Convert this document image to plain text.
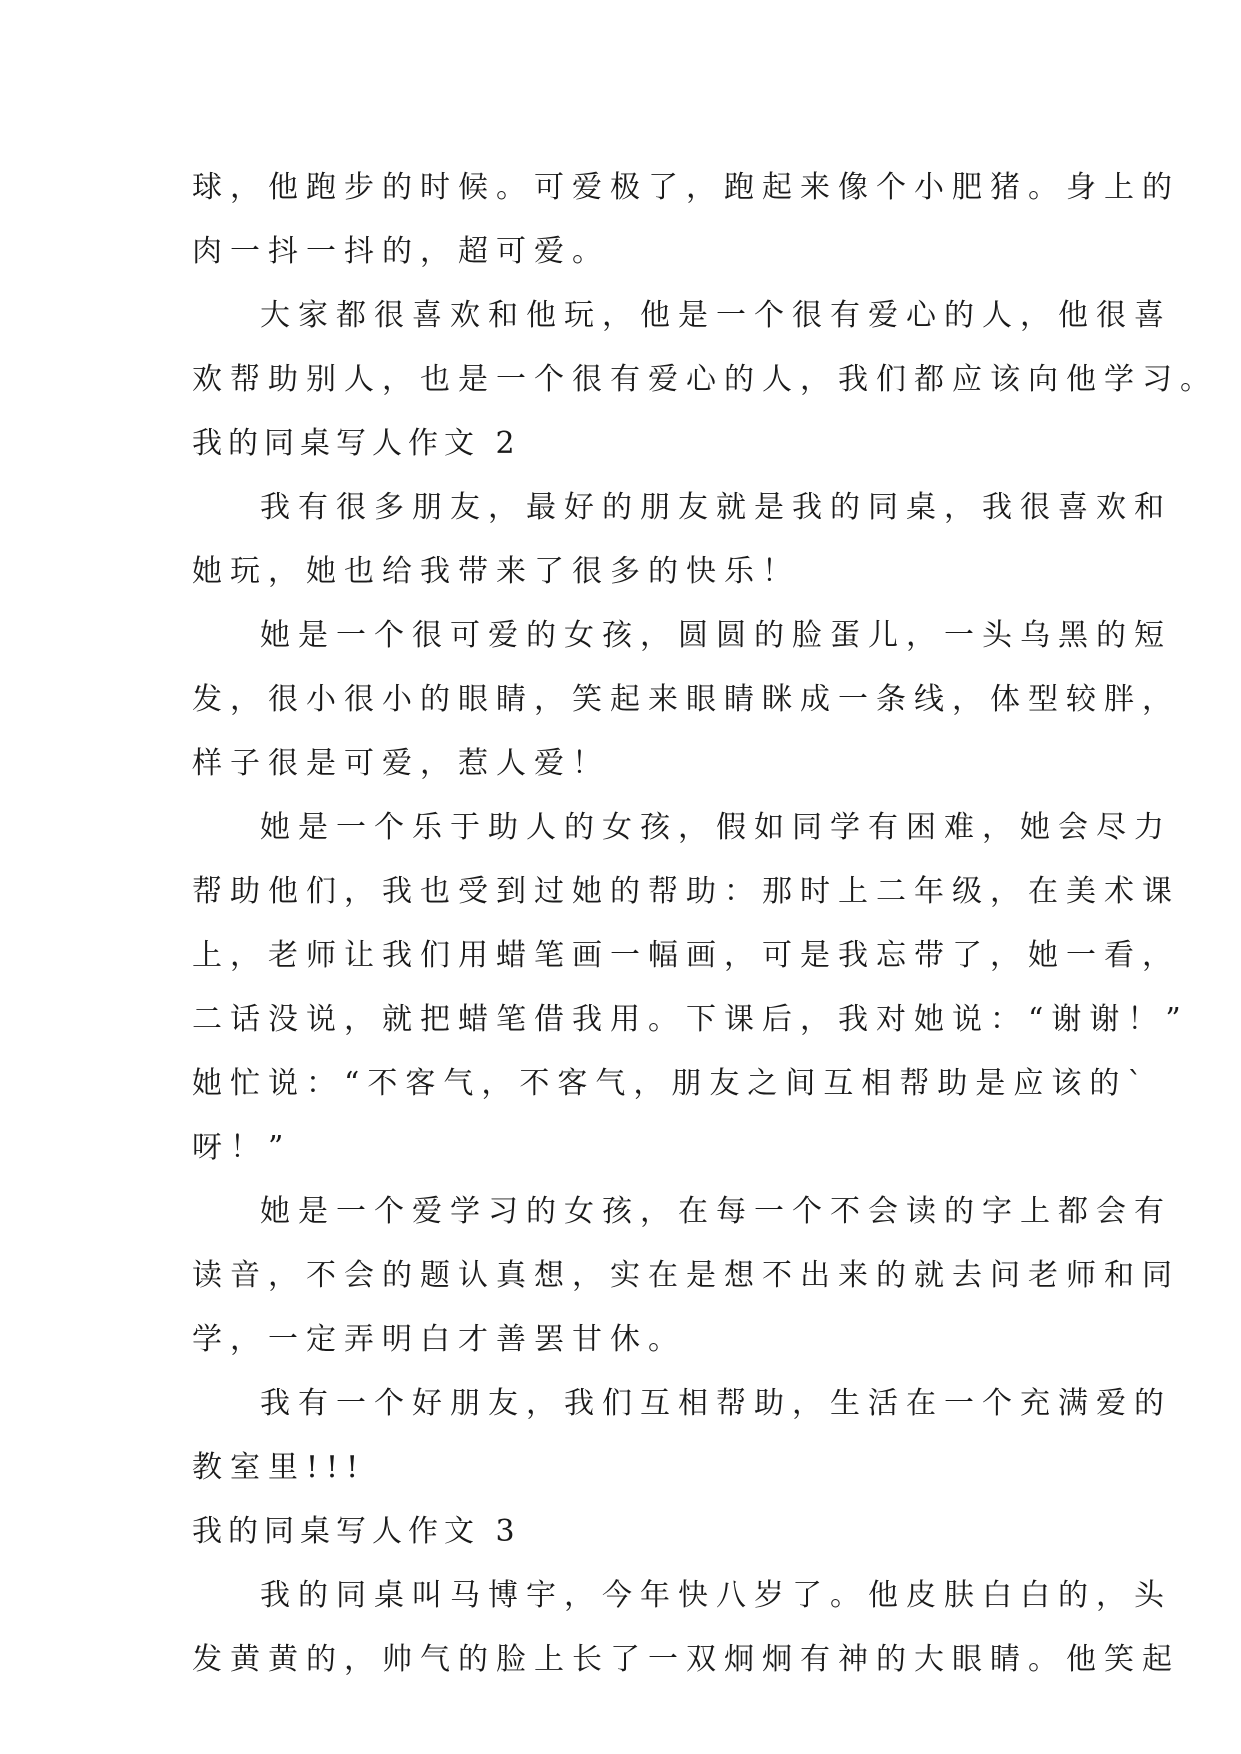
球，他跑步的时候。可爱极了，跑起来像个小肥猪。身上的
肉一抖一抖的，超可爱。
大家都很喜欢和他玩，他是一个很有爱心的人，他很喜
欢帮助别人，也是一个很有爱心的人，我们都应该向他学习。
我的同桌写人作文 2
我有很多朋友，最好的朋友就是我的同桌，我很喜欢和
她玩，她也给我带来了很多的快乐！
她是一个很可爱的女孩，圆圆的脸蛋儿，一头乌黑的短
发，很小很小的眼睛，笑起来眼睛眯成一条线，体型较胖，
样子很是可爱，惹人爱！
她是一个乐于助人的女孩，假如同学有困难，她会尽力
帮助他们，我也受到过她的帮助：那时上二年级，在美术课
上，老师让我们用蜡笔画一幅画，可是我忘带了，她一看，
二话没说，就把蜡笔借我用。下课后，我对她说：“谢谢！”
她忙说：“不客气，不客气，朋友之间互相帮助是应该的`
呀！”
她是一个爱学习的女孩，在每一个不会读的字上都会有
读音，不会的题认真想，实在是想不出来的就去问老师和同
学，一定弄明白才善罢甘休。
我有一个好朋友，我们互相帮助，生活在一个充满爱的
教室里!!!
我的同桌写人作文 3
我的同桌叫马博宇，今年快八岁了。他皮肤白白的，头
发黄黄的，帅气的脸上长了一双炯炯有神的大眼睛。他笑起
